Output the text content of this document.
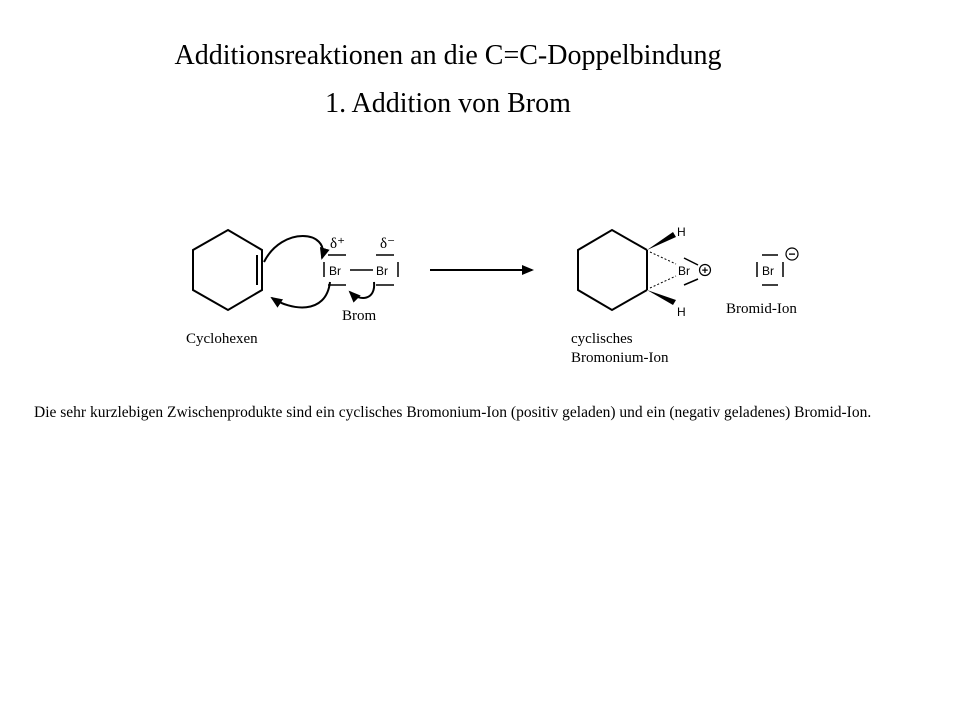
Additionsreaktionen an die C=C-Doppelbindung
1. Addition von Brom
Cyclohexen
Br	Br
δ⁺ δ⁻
Brom
H
H
Br +
cyclisches
Bromonium-Ion
Br
−
Bromid-Ion
Die sehr kurzlebigen Zwischenprodukte sind ein cyclisches Bromonium-Ion (positiv geladen) und ein (negativ geladenes) Bromid-Ion.
